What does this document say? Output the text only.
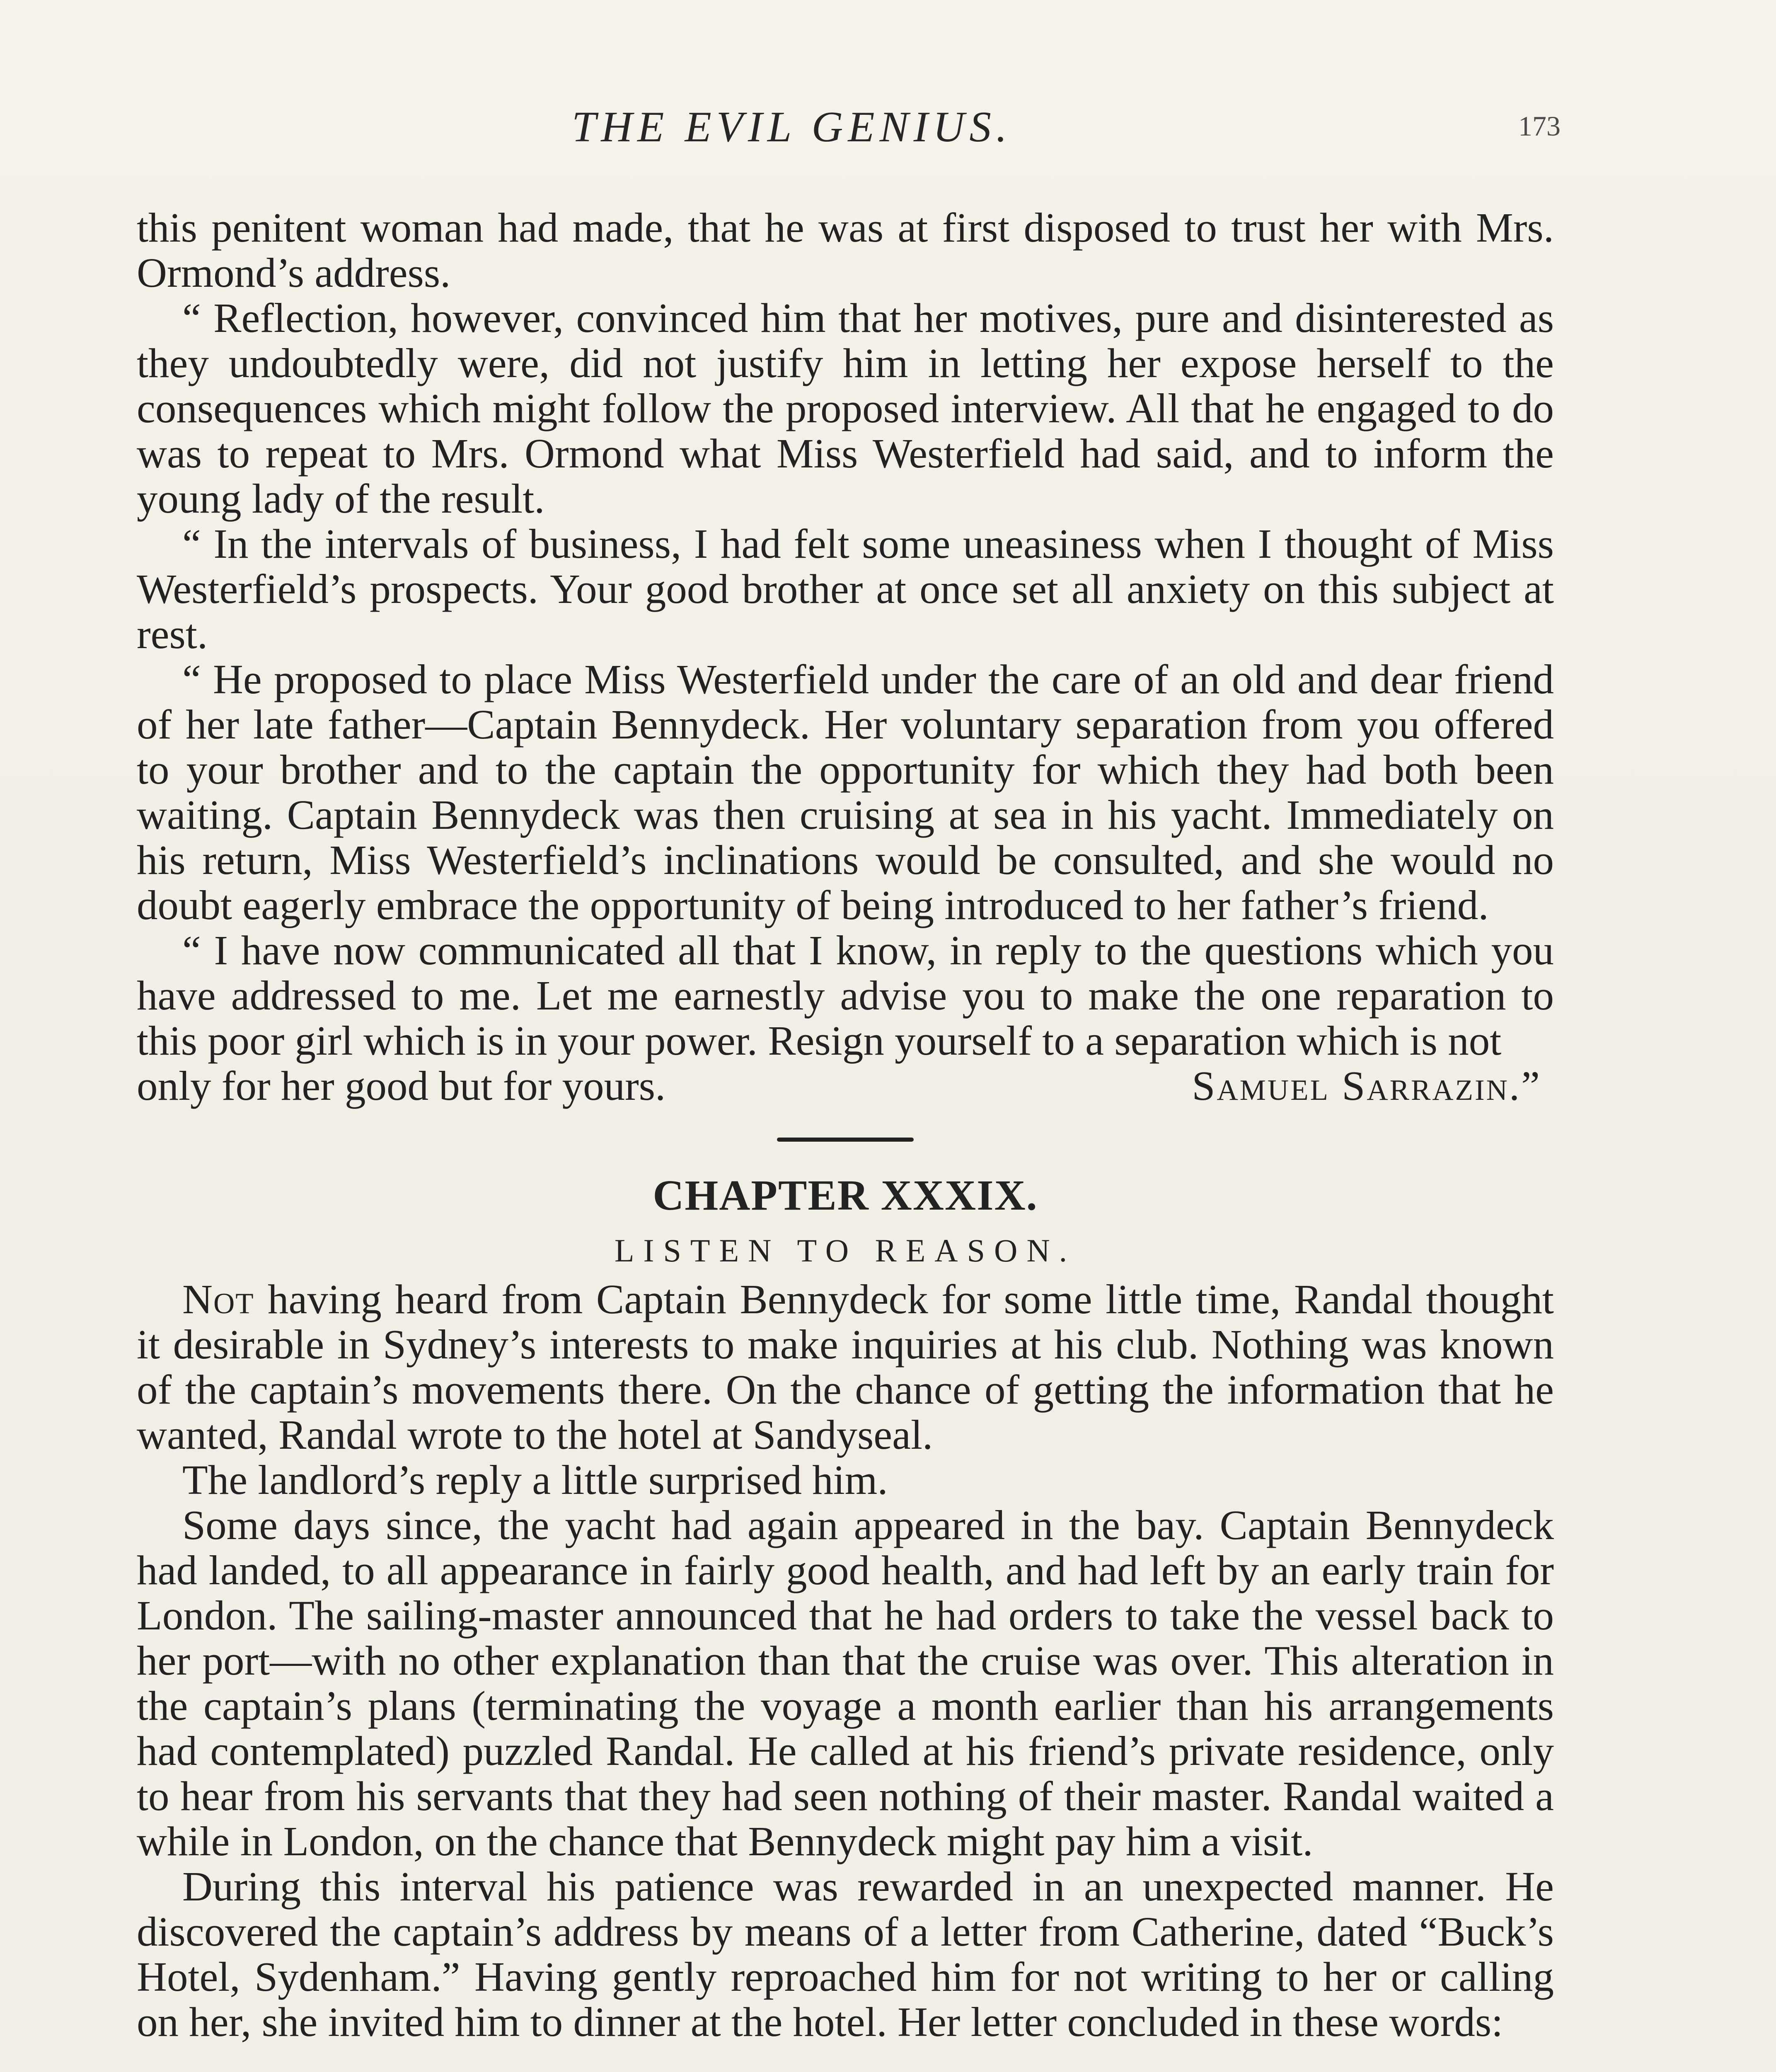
THE EVIL GENIUS.	173

this penitent woman had made, that he was at first disposed to trust her with Mrs. Ormond’s address.

“ Reflection, however, convinced him that her motives, pure and disinterested as they undoubtedly were, did not justify him in letting her expose herself to the consequences which might follow the proposed interview. All that he engaged to do was to repeat to Mrs. Ormond what Miss Westerfield had said, and to inform the young lady of the result.

“ In the intervals of business, I had felt some uneasiness when I thought of Miss Westerfield’s prospects. Your good brother at once set all anxiety on this subject at rest.

“ He proposed to place Miss Westerfield under the care of an old and dear friend of her late father—Captain Bennydeck. Her voluntary separation from you offered to your brother and to the captain the opportunity for which they had both been waiting. Captain Bennydeck was then cruising at sea in his yacht. Immediately on his return, Miss Westerfield’s inclinations would be consulted, and she would no doubt eagerly embrace the opportunity of being introduced to her father’s friend.

“ I have now communicated all that I know, in reply to the questions which you have addressed to me. Let me earnestly advise you to make the one reparation to this poor girl which is in your power. Resign yourself to a separation which is not

only for her good but for yours.	Samuel Sarrazin.”
CHAPTER XXXIX.
LISTEN TO REASON.

Not having heard from Captain Bennydeck for some little time, Randal thought it desirable in Sydney’s interests to make inquiries at his club. Nothing was known of the captain’s movements there. On the chance of getting the information that he wanted, Randal wrote to the hotel at Sandyseal.

The landlord’s reply a little surprised him.

Some days since, the yacht had again appeared in the bay. Captain Bennydeck had landed, to all appearance in fairly good health, and had left by an early train for London. The sailing-master announced that he had orders to take the vessel back to her port—with no other explanation than that the cruise was over. This alteration in the captain’s plans (terminating the voyage a month earlier than his arrangements had contemplated) puzzled Randal. He called at his friend’s private residence, only to hear from his servants that they had seen nothing of their master. Randal waited a while in London, on the chance that Bennydeck might pay him a visit.

During this interval his patience was rewarded in an unexpected manner. He discovered the captain’s address by means of a letter from Catherine, dated “Buck’s Hotel, Sydenham.” Having gently reproached him for not writing to her or calling on her, she invited him to dinner at the hotel. Her letter concluded in these words:
